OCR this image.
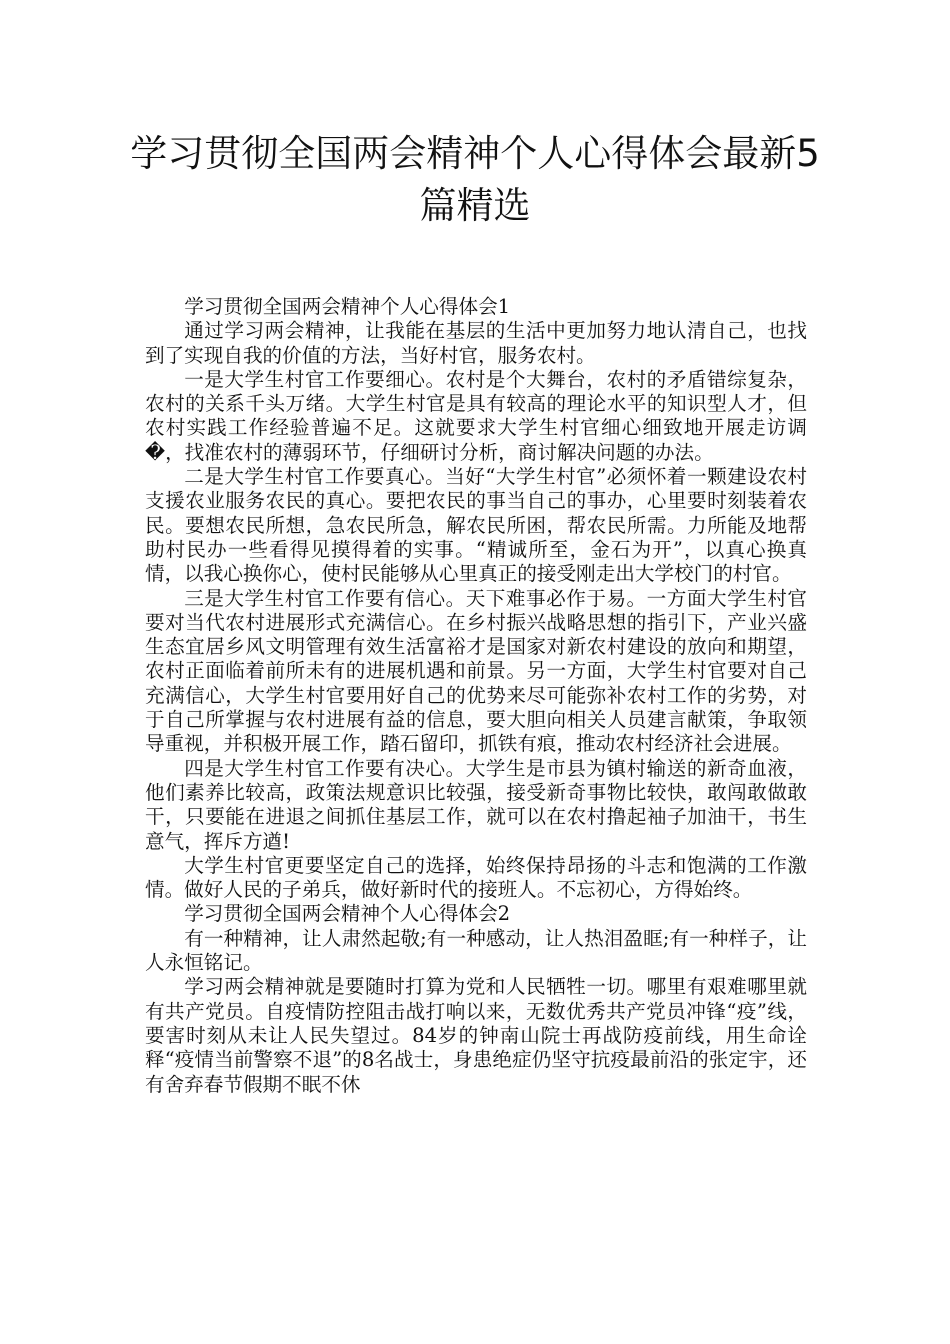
学习贯彻全国两会精神个人心得体会最新5篇精选

学习贯彻全国两会精神个人心得体会1

通过学习两会精神，让我能在基层的生活中更加努力地认清自己，也找到了实现自我的价值的方法，当好村官，服务农村。

一是大学生村官工作要细心。农村是个大舞台，农村的矛盾错综复杂，农村的关系千头万绪。大学生村官是具有较高的理论水平的知识型人才，但农村实践工作经验普遍不足。这就要求大学生村官细心细致地开展走访调�，找准农村的薄弱环节，仔细研讨分析，商讨解决问题的办法。

二是大学生村官工作要真心。当好“大学生村官”必须怀着一颗建设农村支援农业服务农民的真心。要把农民的事当自己的事办，心里要时刻装着农民。要想农民所想，急农民所急，解农民所困，帮农民所需。力所能及地帮助村民办一些看得见摸得着的实事。“精诚所至，金石为开”，以真心换真情，以我心换你心，使村民能够从心里真正的接受刚走出大学校门的村官。

三是大学生村官工作要有信心。天下难事必作于易。一方面大学生村官要对当代农村进展形式充满信心。在乡村振兴战略思想的指引下，产业兴盛生态宜居乡风文明管理有效生活富裕才是国家对新农村建设的放向和期望，农村正面临着前所未有的进展机遇和前景。另一方面，大学生村官要对自己充满信心，大学生村官要用好自己的优势来尽可能弥补农村工作的劣势，对于自己所掌握与农村进展有益的信息，要大胆向相关人员建言献策，争取领导重视，并积极开展工作，踏石留印，抓铁有痕，推动农村经济社会进展。

四是大学生村官工作要有决心。大学生是市县为镇村输送的新奇血液，他们素养比较高，政策法规意识比较强，接受新奇事物比较快，敢闯敢做敢干，只要能在进退之间抓住基层工作，就可以在农村撸起袖子加油干，书生意气，挥斥方遒!

大学生村官更要坚定自己的选择，始终保持昂扬的斗志和饱满的工作激情。做好人民的子弟兵，做好新时代的接班人。不忘初心，方得始终。

学习贯彻全国两会精神个人心得体会2

有一种精神，让人肃然起敬;有一种感动，让人热泪盈眶;有一种样子，让人永恒铭记。

学习两会精神就是要随时打算为党和人民牺牲一切。哪里有艰难哪里就有共产党员。自疫情防控阻击战打响以来，无数优秀共产党员冲锋“疫”线，要害时刻从未让人民失望过。84岁的钟南山院士再战防疫前线，用生命诠释“疫情当前警察不退”的8名战士，身患绝症仍坚守抗疫最前沿的张定宇，还有舍弃春节假期不眠不休
